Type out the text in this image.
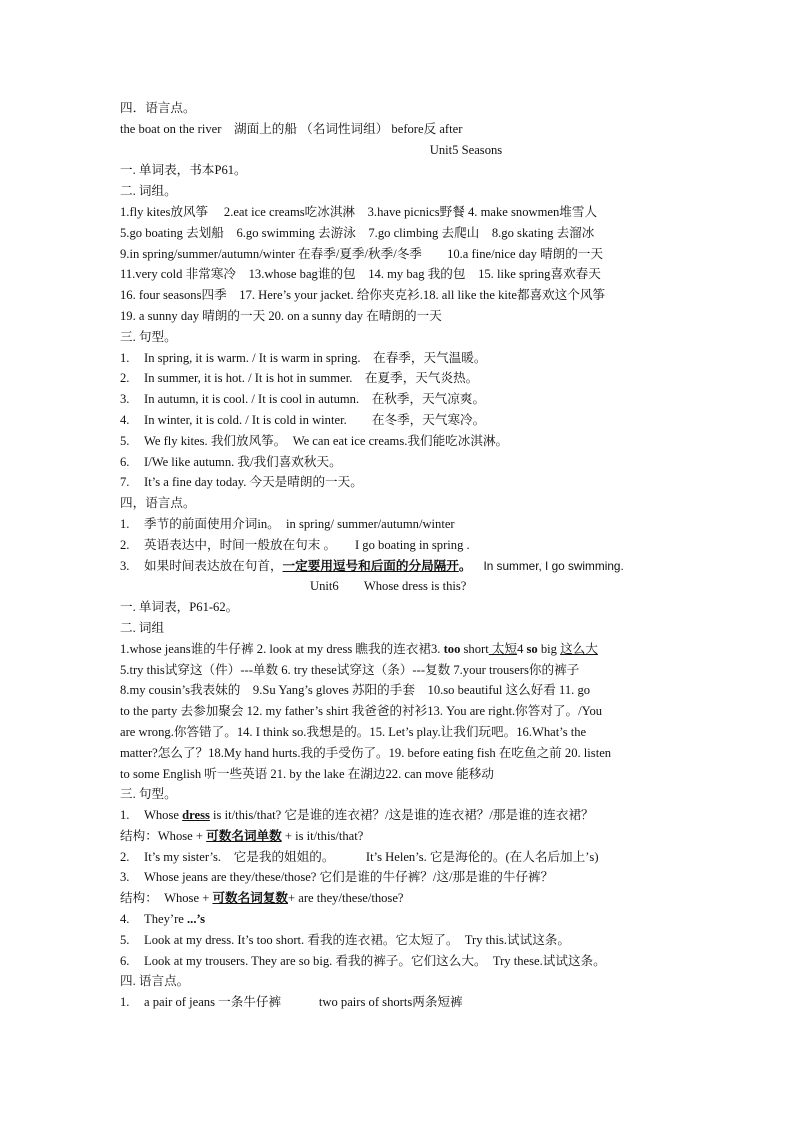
四．语言点。
the boat on the river　湖面上的船 （名词性词组） before反 after
Unit5 Seasons
一. 单词表，书本P61。
二. 词组。
1.fly kites放风筝　 2.eat ice creams吃冰淇淋　3.have picnics野餐 4. make snowmen堆雪人
5.go boating 去划船　6.go swimming 去游泳　7.go climbing 去爬山　8.go skating 去溜冰
9.in spring/summer/autumn/winter 在春季/夏季/秋季/冬季　　10.a fine/nice day 晴朗的一天
11.very cold 非常寒冷　13.whose bag谁的包　14. my bag 我的包　15. like spring喜欢春天
16. four seasons四季　17. Here’s your jacket. 给你夹克衫.18. all like the kite都喜欢这个风筝
19. a sunny day 晴朗的一天 20. on a sunny day 在晴朗的一天
三. 句型。
1. In spring, it is warm. / It is warm in spring.　在春季，天气温暖。
2. In summer, it is hot. / It is hot in summer.　在夏季，天气炎热。
3. In autumn, it is cool. / It is cool in autumn.　在秋季，天气凉爽。
4. In winter, it is cold. / It is cold in winter.　　在冬季，天气寒冷。
5. We fly kites. 我们放风筝。　We can eat ice creams.我们能吃冰淇淋。
6. I/We like autumn. 我/我们喜欢秋天。
7. It’s a fine day today. 今天是晴朗的一天。
四，语言点。
1. 季节的前面使用介词in。　in spring/ summer/autumn/winter
2. 英语表达中，时间一般放在句末 。　　I go boating in spring .
3. 如果时间表达放在句首，一定要用逗号和后面的分局隔开。 In summer, I go swimming.
Unit6　　Whose dress is this?
一. 单词表，P61-62。
二. 词组
1.whose jeans谁的牛仔裤 2. look at my dress 瞧我的连衣裙3. too short 太短4 so big 这么大
5.try this试穿这（件）---单数 6. try these试穿这（条）---复数 7.your trousers你的裤子
8.my cousin’s我表妹的　9.Su Yang’s gloves 苏阳的手套　10.so beautiful 这么好看 11. go
to the party 去参加聚会 12. my father’s shirt 我爸爸的衬衫13. You are right.你答对了。/You
are wrong.你答错了。14. I think so.我想是的。15. Let’s play.让我们玩吧。16.What’s the
matter?怎么了？18.My hand hurts.我的手受伤了。19. before eating fish 在吃鱼之前 20. listen
to some English 听一些英语 21. by the lake 在湖边22. can move 能移动
三. 句型。
1. Whose dress is it/this/that? 它是谁的连衣裙？/这是谁的连衣裙？/那是谁的连衣裙？
结构：Whose + 可数名词单数 + is it/this/that?
2. It’s my sister’s.　它是我的姐姐的。　　　It’s Helen’s. 它是海伦的。(在人名后加上’s)
3. Whose jeans are they/these/those? 它们是谁的牛仔裤？/这/那是谁的牛仔裤？
结构：　Whose + 可数名词复数+ are they/these/those?
4. They’re ...’s
5. Look at my dress. It’s too short. 看我的连衣裙。它太短了。　Try this.试试这条。
6. Look at my trousers. They are so big. 看我的裤子。它们这么大。　Try these.试试这条。
四. 语言点。
1. a pair of jeans 一条牛仔裤　　　two pairs of shorts两条短裤
